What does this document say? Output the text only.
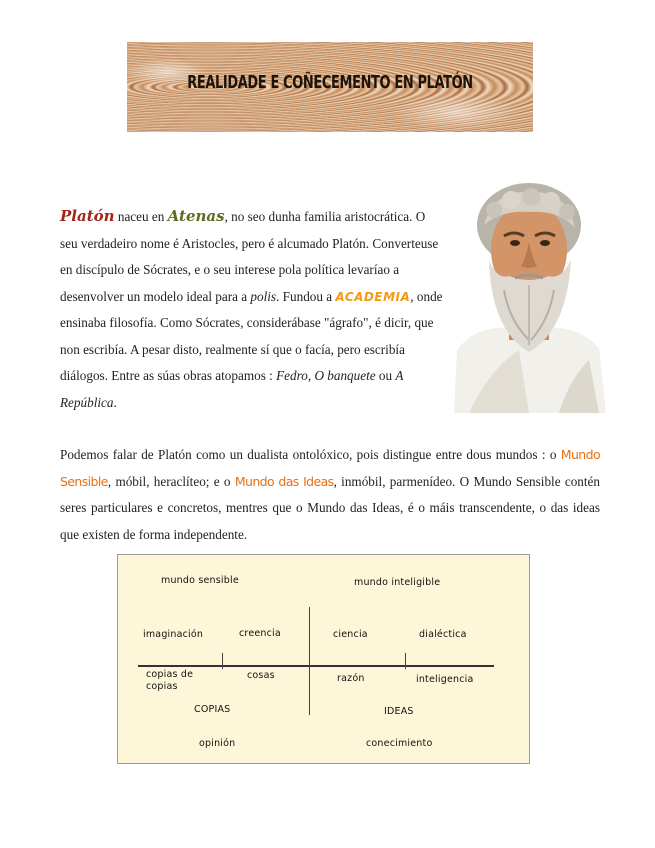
REALIDADE E COÑECEMENTO EN PLATÓN
Platón naceu en Atenas, no seo dunha familia aristocrática. O seu verdadeiro nome é Aristocles, pero é alcumado Platón. Converteuse en discípulo de Sócrates, e o seu interese pola política levaríao a desenvolver un modelo ideal para a polis. Fundou a ACADEMIA, onde ensinaba filosofía. Como Sócrates, considerábase "ágrafo", é dicir, que non escribía. A pesar disto, realmente sí que o facía, pero escribía diálogos. Entre as súas obras atopamos : Fedro, O banquete ou A República.
Podemos falar de Platón como un dualista ontolóxico, pois distingue entre dous mundos : o Mundo Sensible, móbil, heraclíteo; e o Mundo das Ideas, inmóbil, parmenídeo. O Mundo Sensible contén seres particulares e concretos, mentres que o Mundo das Ideas, é o máis transcendente, o das ideas que existen de forma independente.
mundo sensible	mundo inteligible
imaginación	creencia	ciencia	dialéctica
copias de copias
cosas	razón	inteligencia
COPIAS	IDEAS
opinión	conecimiento
